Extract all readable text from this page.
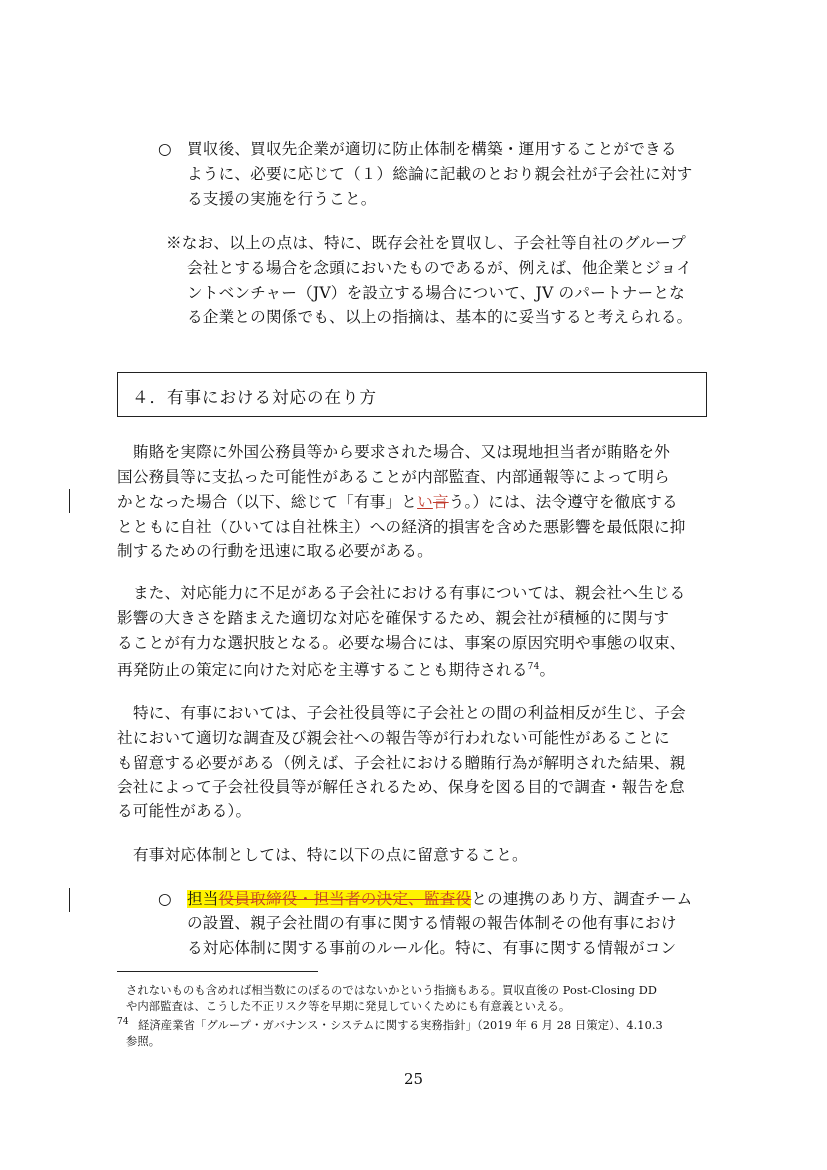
○ 買収後、買収先企業が適切に防止体制を構築・運用することができる
ように、必要に応じて（１）総論に記載のとおり親会社が子会社に対す
る支援の実施を行うこと。
※なお、以上の点は、特に、既存会社を買収し、子会社等自社のグループ
会社とする場合を念頭においたものであるが、例えば、他企業とジョイ
ントベンチャー（JV）を設立する場合について、JV のパートナーとな
る企業との関係でも、以上の指摘は、基本的に妥当すると考えられる。
４．有事における対応の在り方
賄賂を実際に外国公務員等から要求された場合、又は現地担当者が賄賂を外
国公務員等に支払った可能性があることが内部監査、内部通報等によって明ら
かとなった場合（以下、総じて「有事」とい言う。）には、法令遵守を徹底する
とともに自社（ひいては自社株主）への経済的損害を含めた悪影響を最低限に抑
制するための行動を迅速に取る必要がある。
また、対応能力に不足がある子会社における有事については、親会社へ生じる
影響の大きさを踏まえた適切な対応を確保するため、親会社が積極的に関与す
ることが有力な選択肢となる。必要な場合には、事案の原因究明や事態の収束、
再発防止の策定に向けた対応を主導することも期待される$^{74}$。
特に、有事においては、子会社役員等に子会社との間の利益相反が生じ、子会
社において適切な調査及び親会社への報告等が行われない可能性があることに
も留意する必要がある（例えば、子会社における贈賄行為が解明された結果、親
会社によって子会社役員等が解任されるため、保身を図る目的で調査・報告を怠
る可能性がある）。
有事対応体制としては、特に以下の点に留意すること。
○ 担当役員取締役・担当者の決定、監査役との連携のあり方、調査チーム
の設置、親子会社間の有事に関する情報の報告体制その他有事におけ
る対応体制に関する事前のルール化。特に、有事に関する情報がコン
されないものも含めれば相当数にのぼるのではないかという指摘もある。買収直後の Post-Closing DD
や内部監査は、こうした不正リスク等を早期に発見していくためにも有意義といえる。
74 経済産業省「グループ・ガバナンス・システムに関する実務指針」（2019 年 6 月 28 日策定）、4.10.3
参照。
25
